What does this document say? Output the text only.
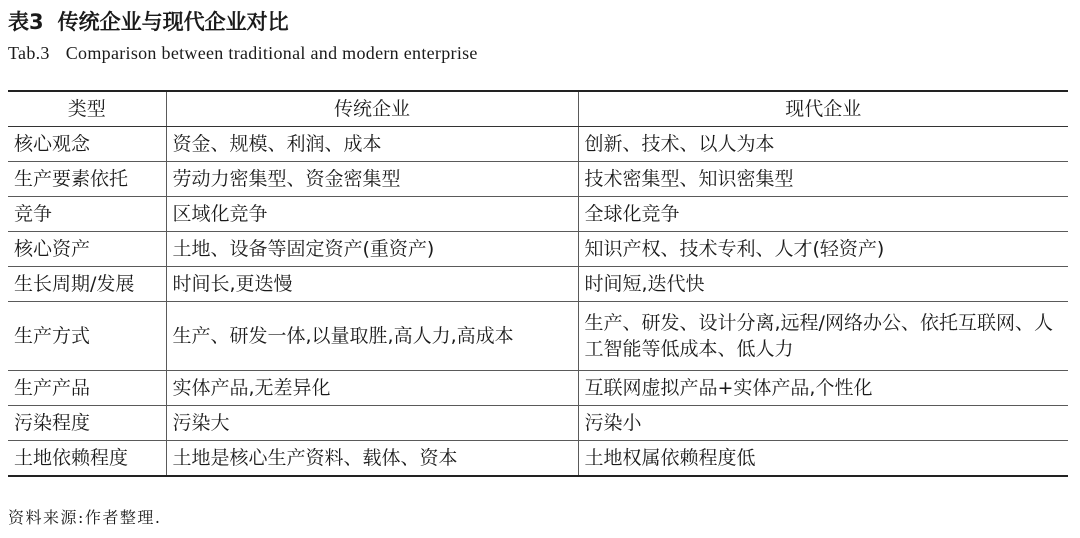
表3 传统企业与现代企业对比
Tab.3 Comparison between traditional and modern enterprise
类型	传统企业	现代企业
核心观念	资金、规模、利润、成本	创新、技术、以人为本
生产要素依托	劳动力密集型、资金密集型	技术密集型、知识密集型
竞争	区域化竞争	全球化竞争
核心资产	土地、设备等固定资产(重资产)	知识产权、技术专利、人才(轻资产)
生长周期/发展	时间长,更迭慢	时间短,迭代快
生产方式	生产、研发一体,以量取胜,高人力,高成本	生产、研发、设计分离,远程/网络办公、依托互联网、人工智能等低成本、低人力
生产产品	实体产品,无差异化	互联网虚拟产品+实体产品,个性化
污染程度	污染大	污染小
土地依赖程度	土地是核心生产资料、载体、资本	土地权属依赖程度低
资料来源:作者整理.
